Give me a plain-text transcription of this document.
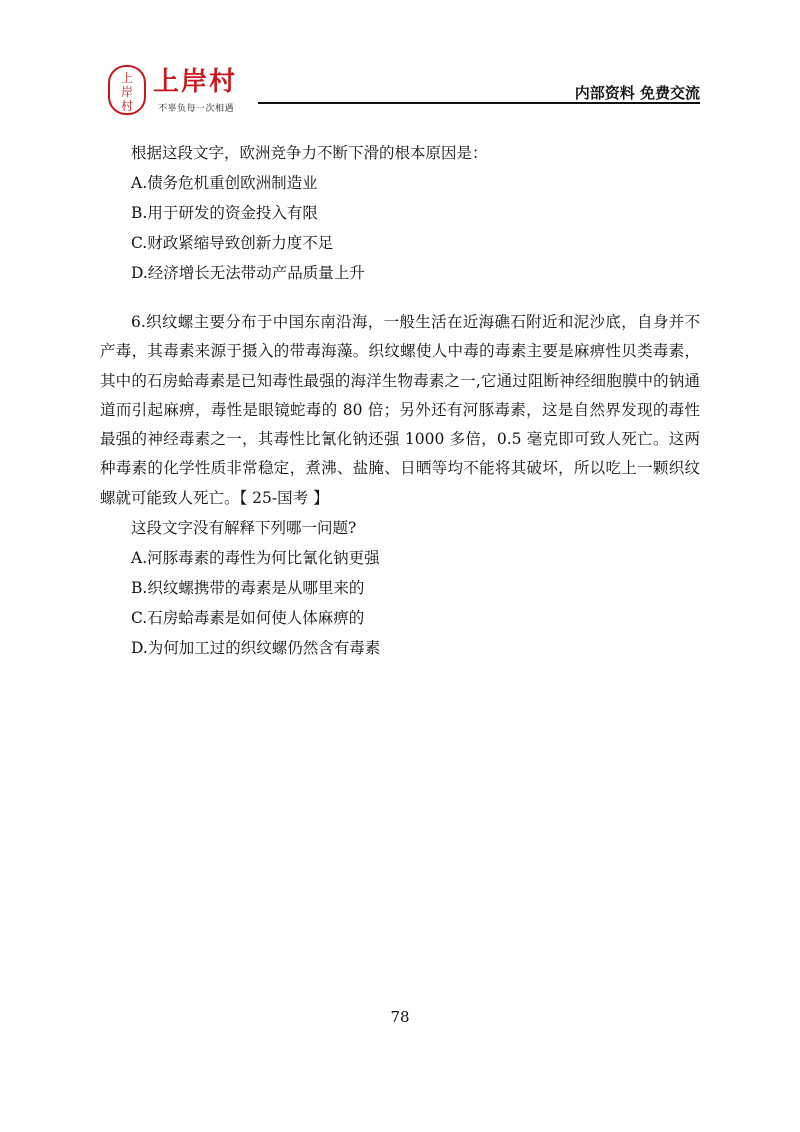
上
岸
村
上岸村
不辜负每一次相遇
内部资料 免费交流

根据这段文字，欧洲竞争力不断下滑的根本原因是：

A.债务危机重创欧洲制造业

B.用于研发的资金投入有限

C.财政紧缩导致创新力度不足

D.经济增长无法带动产品质量上升

6.织纹螺主要分布于中国东南沿海，一般生活在近海礁石附近和泥沙底，自身并不产毒，其毒素来源于摄入的带毒海藻。织纹螺使人中毒的毒素主要是麻痹性贝类毒素，其中的石房蛤毒素是已知毒性最强的海洋生物毒素之一,它通过阻断神经细胞膜中的钠通道而引起麻痹，毒性是眼镜蛇毒的 80 倍；另外还有河豚毒素，这是自然界发现的毒性最强的神经毒素之一，其毒性比氰化钠还强 1000 多倍，0.5 毫克即可致人死亡。这两种毒素的化学性质非常稳定，煮沸、盐腌、日晒等均不能将其破坏，所以吃上一颗织纹螺就可能致人死亡。【 25-国考 】

这段文字没有解释下列哪一问题?

A.河豚毒素的毒性为何比氰化钠更强

B.织纹螺携带的毒素是从哪里来的

C.石房蛤毒素是如何使人体麻痹的

D.为何加工过的织纹螺仍然含有毒素

78
